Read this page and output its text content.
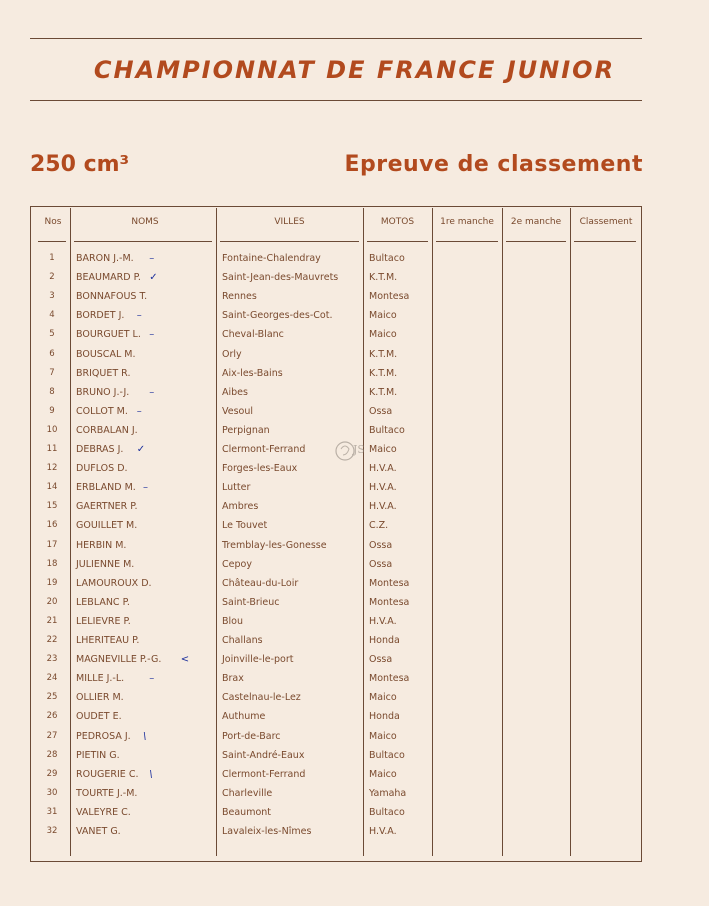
CHAMPIONNAT DE FRANCE JUNIOR
250 cm³	Epreuve de classement
Nos	NOMS	VILLES	MOTOS	1re manche	2e manche	Classement
1	BARON J.-M.	Fontaine-Chalendray	Bultaco
–
2	BEAUMARD P.	Saint-Jean-des-Mauvrets	K.T.M.
✓
3	BONNAFOUS T.	Rennes	Montesa
4	BORDET J.	Saint-Georges-des-Cot.	Maico
–
5	BOURGUET L.	Cheval-Blanc	Maico
–
6	BOUSCAL M.	Orly	K.T.M.
7	BRIQUET R.	Aix-les-Bains	K.T.M.
8	BRUNO J.-J.	Aibes	K.T.M.
–
9	COLLOT M.	Vesoul	Ossa
–
10	CORBALAN J.	Perpignan	Bultaco
11	DEBRAS J.	Clermont-Ferrand	Maico
✓
12	DUFLOS D.	Forges-les-Eaux	H.V.A.
14	ERBLAND M.	Lutter	H.V.A.
–
15	GAERTNER P.	Ambres	H.V.A.
16	GOUILLET M.	Le Touvet	C.Z.
17	HERBIN M.	Tremblay-les-Gonesse	Ossa
18	JULIENNE M.	Cepoy	Ossa
19	LAMOUROUX D.	Château-du-Loir	Montesa
20	LEBLANC P.	Saint-Brieuc	Montesa
21	LELIEVRE P.	Blou	H.V.A.
22	LHERITEAU P.	Challans	Honda
23	MAGNEVILLE P.-G.	Joinville-le-port	Ossa
<
24	MILLE J.-L.	Brax	Montesa
–
25	OLLIER M.	Castelnau-le-Lez	Maico
26	OUDET E.	Authume	Honda
27	PEDROSA J.	Port-de-Barc	Maico
\
28	PIETIN G.	Saint-André-Eaux	Bultaco
29	ROUGERIE C.	Clermont-Ferrand	Maico
\
30	TOURTE J.-M.	Charleville	Yamaha
31	VALEYRE C.	Beaumont	Bultaco
32	VANET G.	Lavaleix-les-Nîmes	H.V.A.
JS
